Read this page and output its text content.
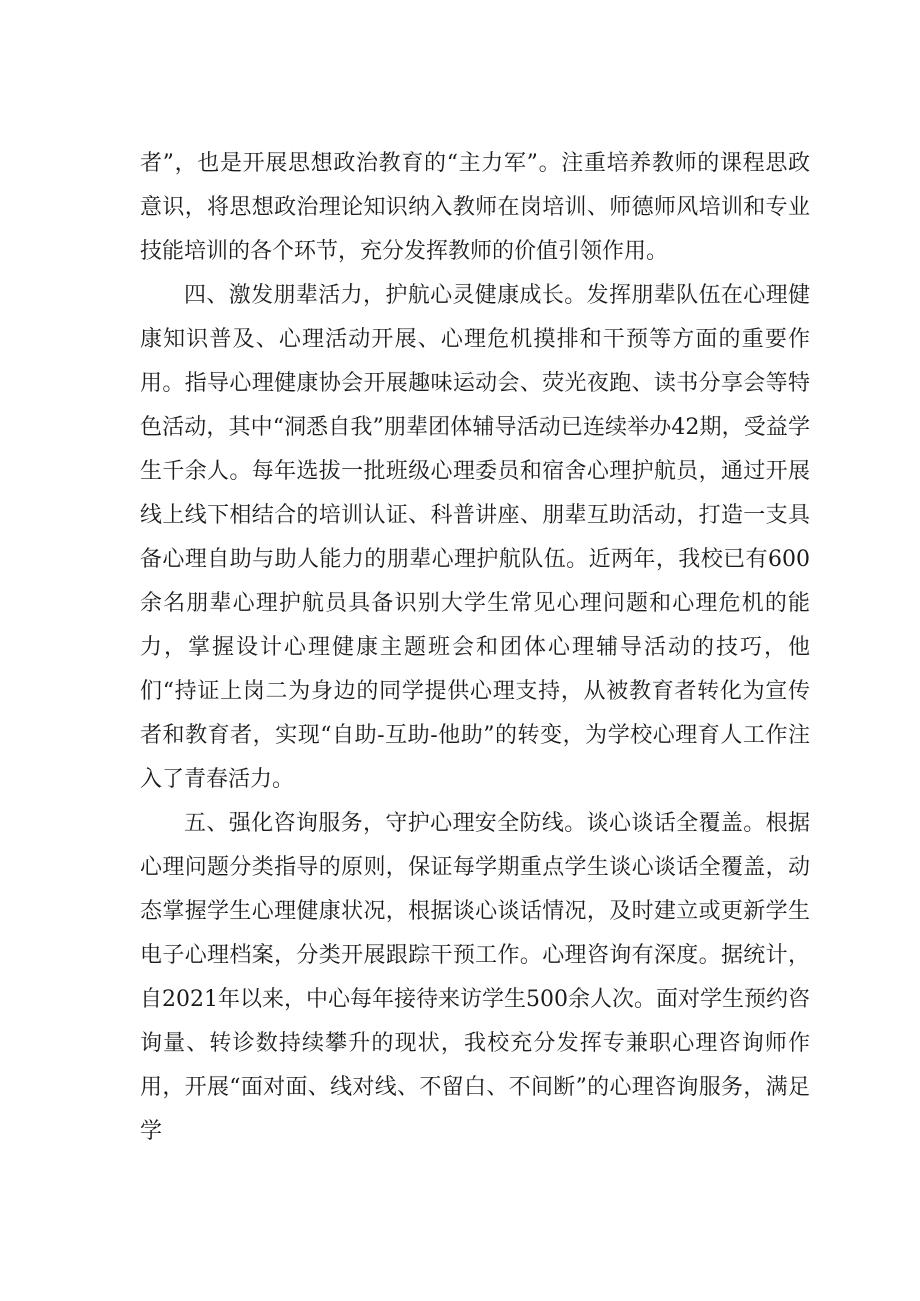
者”，也是开展思想政治教育的“主力军”。注重培养教师的课程思政意识，将思想政治理论知识纳入教师在岗培训、师德师风培训和专业技能培训的各个环节，充分发挥教师的价值引领作用。

四、激发朋辈活力，护航心灵健康成长。发挥朋辈队伍在心理健康知识普及、心理活动开展、心理危机摸排和干预等方面的重要作用。指导心理健康协会开展趣味运动会、荧光夜跑、读书分享会等特色活动，其中“洞悉自我”朋辈团体辅导活动已连续举办42期，受益学生千余人。每年选拔一批班级心理委员和宿舍心理护航员，通过开展线上线下相结合的培训认证、科普讲座、朋辈互助活动，打造一支具备心理自助与助人能力的朋辈心理护航队伍。近两年，我校已有600余名朋辈心理护航员具备识别大学生常见心理问题和心理危机的能力，掌握设计心理健康主题班会和团体心理辅导活动的技巧，他们“持证上岗二为身边的同学提供心理支持，从被教育者转化为宣传者和教育者，实现“自助-互助-他助”的转变，为学校心理育人工作注入了青春活力。

五、强化咨询服务，守护心理安全防线。谈心谈话全覆盖。根据心理问题分类指导的原则，保证每学期重点学生谈心谈话全覆盖，动态掌握学生心理健康状况，根据谈心谈话情况，及时建立或更新学生电子心理档案，分类开展跟踪干预工作。心理咨询有深度。据统计，自2021年以来，中心每年接待来访学生500余人次。面对学生预约咨询量、转诊数持续攀升的现状，我校充分发挥专兼职心理咨询师作用，开展“面对面、线对线、不留白、不间断”的心理咨询服务，满足学
